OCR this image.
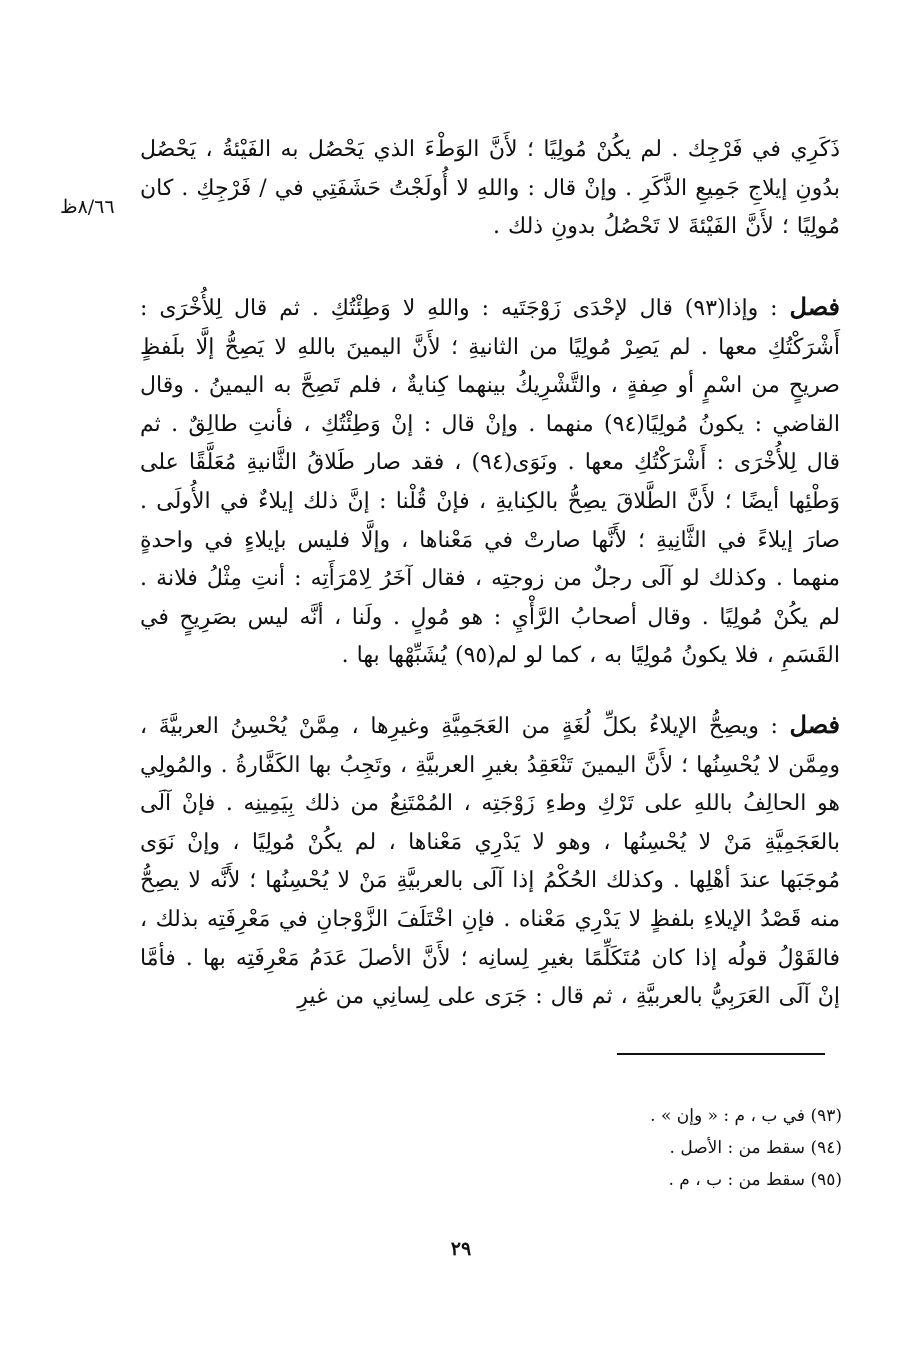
٨/٦٦ظ

ذَكَرِي في فَرْجِك . لم يكُنْ مُولِيًا ؛ لأَنَّ الوَطْءَ الذي يَحْصُل به الفَيْئةُ ، يَحْصُل بدُونِ إيلاجِ جَمِيعِ الذَّكَرِ . وإنْ قال : واللهِ لا أُولَجْتُ حَشَفَتِي في / فَرْجِكِ . كان مُولِيًا ؛ لأَنَّ الفَيْئةَ لا تَحْصُلُ بدونِ ذلك .

فصل : وإذا(٩٣) قال لإحْدَى زَوْجَتَيه : واللهِ لا وَطِئْتُكِ . ثم قال لِلأُخْرَى : أَشْرَكْتُكِ معها . لم يَصِرْ مُولِيًا من الثانيةِ ؛ لأَنَّ اليمينَ باللهِ لا يَصِحُّ إلَّا بلَفظٍ صريحٍ من اسْمٍ أو صِفةٍ ، والتَّشْرِيكُ بينهما كِنايةٌ ، فلم تَصِحَّ به اليمينُ . وقال القاضي : يكونُ مُولِيًا(٩٤) منهما . وإنْ قال : إنْ وَطِئْتُكِ ، فأنتِ طالِقٌ . ثم قال لِلأُخْرَى : أَشْرَكْتُكِ معها . ونَوَى(٩٤) ، فقد صار طَلاقُ الثَّانيةِ مُعَلَّقًا على وَطْئِها أيضًا ؛ لأَنَّ الطَّلاقَ يصِحُّ بالكِنايةِ ، فإنْ قُلْنا : إنَّ ذلك إيلاءٌ في الأُولَى . صارَ إيلاءً في الثَّانِيةِ ؛ لأَنَّها صارتْ في مَعْناها ، وإلَّا فليس بإيلاءٍ في واحدةٍ منهما . وكذلك لو آلَى رجلٌ من زوجتِه ، فقال آخَرُ لِامْرَأَتِه : أنتِ مِثْلُ فلانة . لم يكُنْ مُولِيًا . وقال أصحابُ الرَّأْيِ : هو مُولٍ . ولَنا ، أنَّه ليس بصَرِيحٍ في القَسَمِ ، فلا يكونُ مُولِيًا به ، كما لو لم(٩٥) يُشَبِّهْها بها .

فصل : ويصِحُّ الإيلاءُ بكلِّ لُغَةٍ من العَجَمِيَّةِ وغيرِها ، مِمَّنْ يُحْسِنُ العربيَّةَ ، ومِمَّن لا يُحْسِنُها ؛ لأَنَّ اليمينَ تَنْعَقِدُ بغيرِ العربيَّةِ ، وتَجِبُ بها الكَفَّارةُ . والمُولِي هو الحالِفُ باللهِ على تَرْكِ وطءِ زَوْجَتِه ، المُمْتَنِعُ من ذلك بِيَمِينِه . فإنْ آلَى بالعَجَمِيَّةِ مَنْ لا يُحْسِنُها ، وهو لا يَدْرِي مَعْناها ، لم يكُنْ مُولِيًا ، وإنْ نَوَى مُوجَبَها عندَ أهْلِها . وكذلك الحُكْمُ إذا آلَى بالعربيَّةِ مَنْ لا يُحْسِنُها ؛ لأَنَّه لا يصِحُّ منه قَصْدُ الإيلاءِ بلفظٍ لا يَدْرِي مَعْناه . فإنِ اخْتَلَفَ الزَّوْجانِ في مَعْرِفَتِه بذلك ، فالقَوْلُ قولُه إذا كان مُتَكَلِّمًا بغيرِ لِسانِه ؛ لأَنَّ الأصلَ عَدَمُ مَعْرِفَتِه بها . فأمَّا إنْ آلَى العَرَبِيُّ بالعربيَّةِ ، ثم قال : جَرَى على لِسانِي من غيرِ

(٩٣) في ب ، م : « وإن » .
(٩٤) سقط من : الأصل .
(٩٥) سقط من : ب ، م .
٢٩
